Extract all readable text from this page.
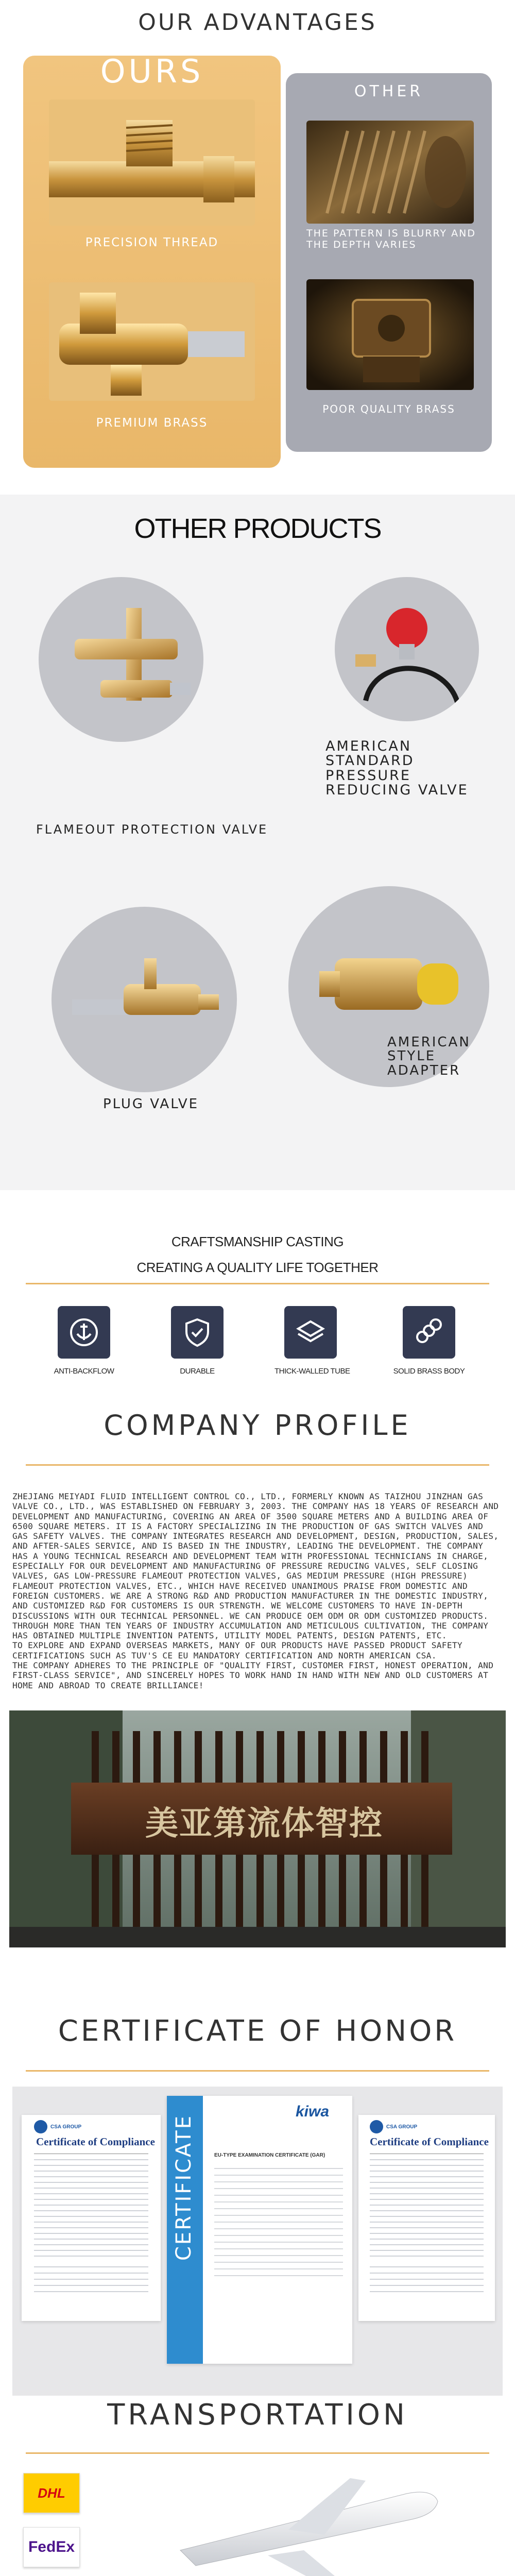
OUR ADVANTAGES
OTHER
THE PATTERN IS BLURRY AND THE DEPTH VARIES
POOR QUALITY BRASS
OURS
PRECISION THREAD
PREMIUM BRASS
OTHER PRODUCTS
FLAMEOUT PROTECTION VALVE
AMERICAN STANDARD PRESSURE REDUCING VALVE
AMERICAN STYLE ADAPTER
PLUG VALVE
CRAFTSMANSHIP CASTING
CREATING A QUALITY LIFE TOGETHER
ANTI-BACKFLOW	DURABLE	THICK-WALLED TUBE	SOLID BRASS BODY
COMPANY PROFILE

ZHEJIANG MEIYADI FLUID INTELLIGENT CONTROL CO., LTD., FORMERLY KNOWN AS TAIZHOU JINZHAN GAS VALVE CO., LTD., WAS ESTABLISHED ON FEBRUARY 3, 2003. THE COMPANY HAS 18 YEARS OF RESEARCH AND DEVELOPMENT AND MANUFACTURING, COVERING AN AREA OF 3500 SQUARE METERS AND A BUILDING AREA OF 6500 SQUARE METERS. IT IS A FACTORY SPECIALIZING IN THE PRODUCTION OF GAS SWITCH VALVES AND GAS SAFETY VALVES. THE COMPANY INTEGRATES RESEARCH AND DEVELOPMENT, DESIGN, PRODUCTION, SALES, AND AFTER-SALES SERVICE, AND IS BASED IN THE INDUSTRY, LEADING THE DEVELOPMENT. THE COMPANY HAS A YOUNG TECHNICAL RESEARCH AND DEVELOPMENT TEAM WITH PROFESSIONAL TECHNICIANS IN CHARGE, ESPECIALLY FOR OUR DEVELOPMENT AND MANUFACTURING OF PRESSURE REDUCING VALVES, SELF CLOSING VALVES, GAS LOW-PRESSURE FLAMEOUT PROTECTION VALVES, GAS MEDIUM PRESSURE (HIGH PRESSURE) FLAMEOUT PROTECTION VALVES, ETC., WHICH HAVE RECEIVED UNANIMOUS PRAISE FROM DOMESTIC AND FOREIGN CUSTOMERS. WE ARE A STRONG R&D AND PRODUCTION MANUFACTURER IN THE DOMESTIC INDUSTRY, AND CUSTOMIZED R&D FOR CUSTOMERS IS OUR STRENGTH. WE WELCOME CUSTOMERS TO HAVE IN-DEPTH DISCUSSIONS WITH OUR TECHNICAL PERSONNEL. WE CAN PRODUCE OEM ODM OR ODM CUSTOMIZED PRODUCTS. THROUGH MORE THAN TEN YEARS OF INDUSTRY ACCUMULATION AND METICULOUS CULTIVATION, THE COMPANY HAS OBTAINED MULTIPLE INVENTION PATENTS, UTILITY MODEL PATENTS, DESIGN PATENTS, ETC.

TO EXPLORE AND EXPAND OVERSEAS MARKETS, MANY OF OUR PRODUCTS HAVE PASSED PRODUCT SAFETY CERTIFICATIONS SUCH AS TUV'S CE EU MANDATORY CERTIFICATION AND NORTH AMERICAN CSA.

THE COMPANY ADHERES TO THE PRINCIPLE OF "QUALITY FIRST, CUSTOMER FIRST, HONEST OPERATION, AND FIRST-CLASS SERVICE", AND SINCERELY HOPES TO WORK HAND IN HAND WITH NEW AND OLD CUSTOMERS AT HOME AND ABROAD TO CREATE BRILLIANCE!

美亚第流体智控
CERTIFICATE OF HONOR
CSA GROUP
Certificate of Compliance CERTIFICATE
kiwa
EU-TYPE EXAMINATION CERTIFICATE (GAR)
CSA GROUP
Certificate of Compliance
TRANSPORTATION
DHL
FedEx
